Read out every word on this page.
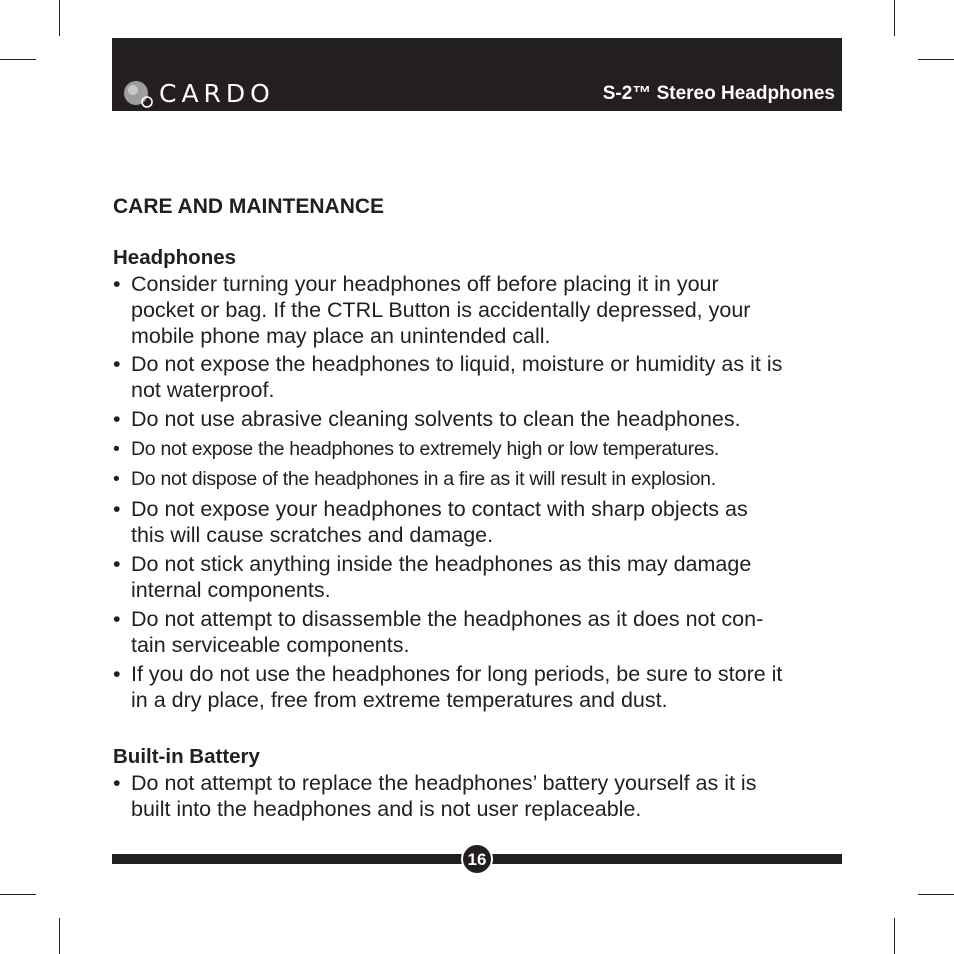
CARDO	S-2™ Stereo Headphones
CARE AND MAINTENANCE
Headphones
• Consider turning your headphones off before placing it in your
pocket or bag. If the CTRL Button is accidentally depressed, your
mobile phone may place an unintended call.
• Do not expose the headphones to liquid, moisture or humidity as it is
not waterproof.
• Do not use abrasive cleaning solvents to clean the headphones.
• Do not expose the headphones to extremely high or low temperatures.
• Do not dispose of the headphones in a fire as it will result in explosion.
• Do not expose your headphones to contact with sharp objects as
this will cause scratches and damage.
• Do not stick anything inside the headphones as this may damage
internal components.
• Do not attempt to disassemble the headphones as it does not con-
tain serviceable components.
• If you do not use the headphones for long periods, be sure to store it
in a dry place, free from extreme temperatures and dust.
Built-in Battery
• Do not attempt to replace the headphones’ battery yourself as it is
built into the headphones and is not user replaceable.
16
